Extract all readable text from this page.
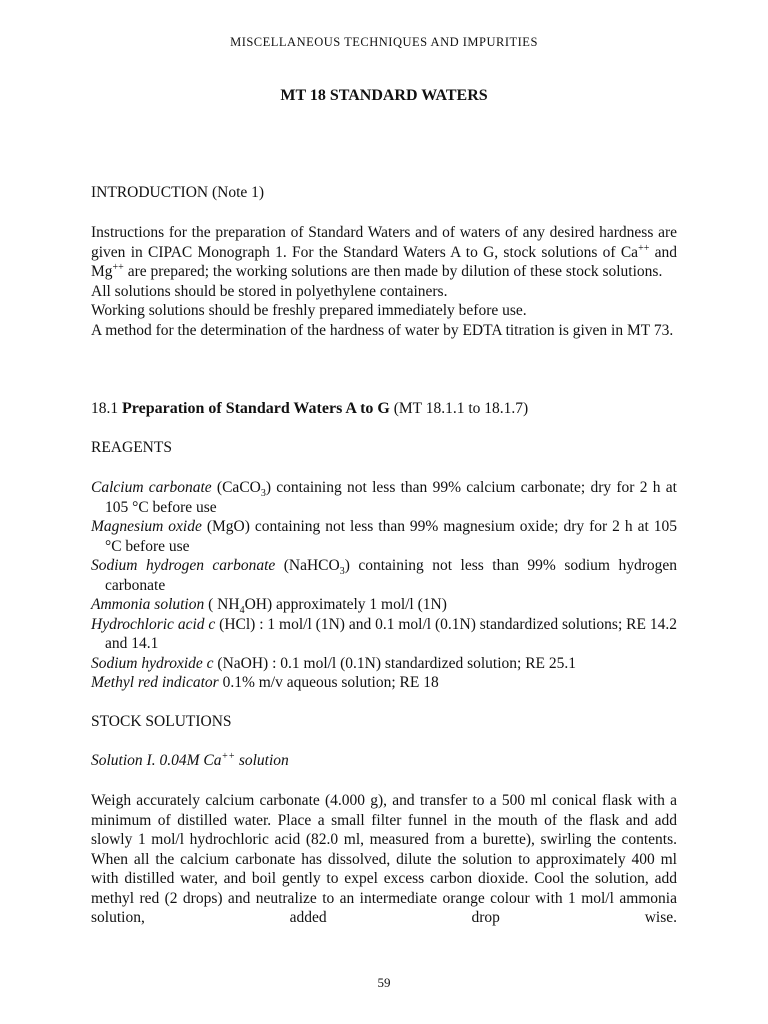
MISCELLANEOUS TECHNIQUES AND IMPURITIES
MT 18 STANDARD WATERS

INTRODUCTION (Note 1)

Instructions for the preparation of Standard Waters and of waters of any desired hardness are given in CIPAC Monograph 1. For the Standard Waters A to G, stock solutions of Ca++ and Mg++ are prepared; the working solutions are then made by dilution of these stock solutions.

All solutions should be stored in polyethylene containers.

Working solutions should be freshly prepared immediately before use.

A method for the determination of the hardness of water by EDTA titration is given in MT 73.

18.1 Preparation of Standard Waters A to G (MT 18.1.1 to 18.1.7)

REAGENTS

Calcium carbonate (CaCO$_3$) containing not less than 99% calcium carbonate; dry for 2 h at 105 °C before use

Magnesium oxide (MgO) containing not less than 99% magnesium oxide; dry for 2 h at 105 °C before use

Sodium hydrogen carbonate (NaHCO$_3$) containing not less than 99% sodium hydrogen carbonate

Ammonia solution ( $NH_4OH$) approximately 1 mol/l (1N)

Hydrochloric acid c (HCl) : 1 mol/l (1N) and 0.1 mol/l (0.1N) standardized solutions; RE 14.2 and 14.1

Sodium hydroxide c (NaOH) : 0.1 mol/l (0.1N) standardized solution; RE 25.1

Methyl red indicator 0.1% m/v aqueous solution; RE 18

STOCK SOLUTIONS

Solution I. 0.04M Ca++ solution

Weigh accurately calcium carbonate (4.000 g), and transfer to a 500 ml conical flask with a minimum of distilled water. Place a small filter funnel in the mouth of the flask and add slowly 1 mol/l hydrochloric acid (82.0 ml, measured from a burette), swirling the contents. When all the calcium carbonate has dissolved, dilute the solution to approximately 400 ml with distilled water, and boil gently to expel excess carbon dioxide. Cool the solution, add methyl red (2 drops) and neutralize to an intermediate orange colour with 1 mol/l ammonia solution, added drop wise.

59
